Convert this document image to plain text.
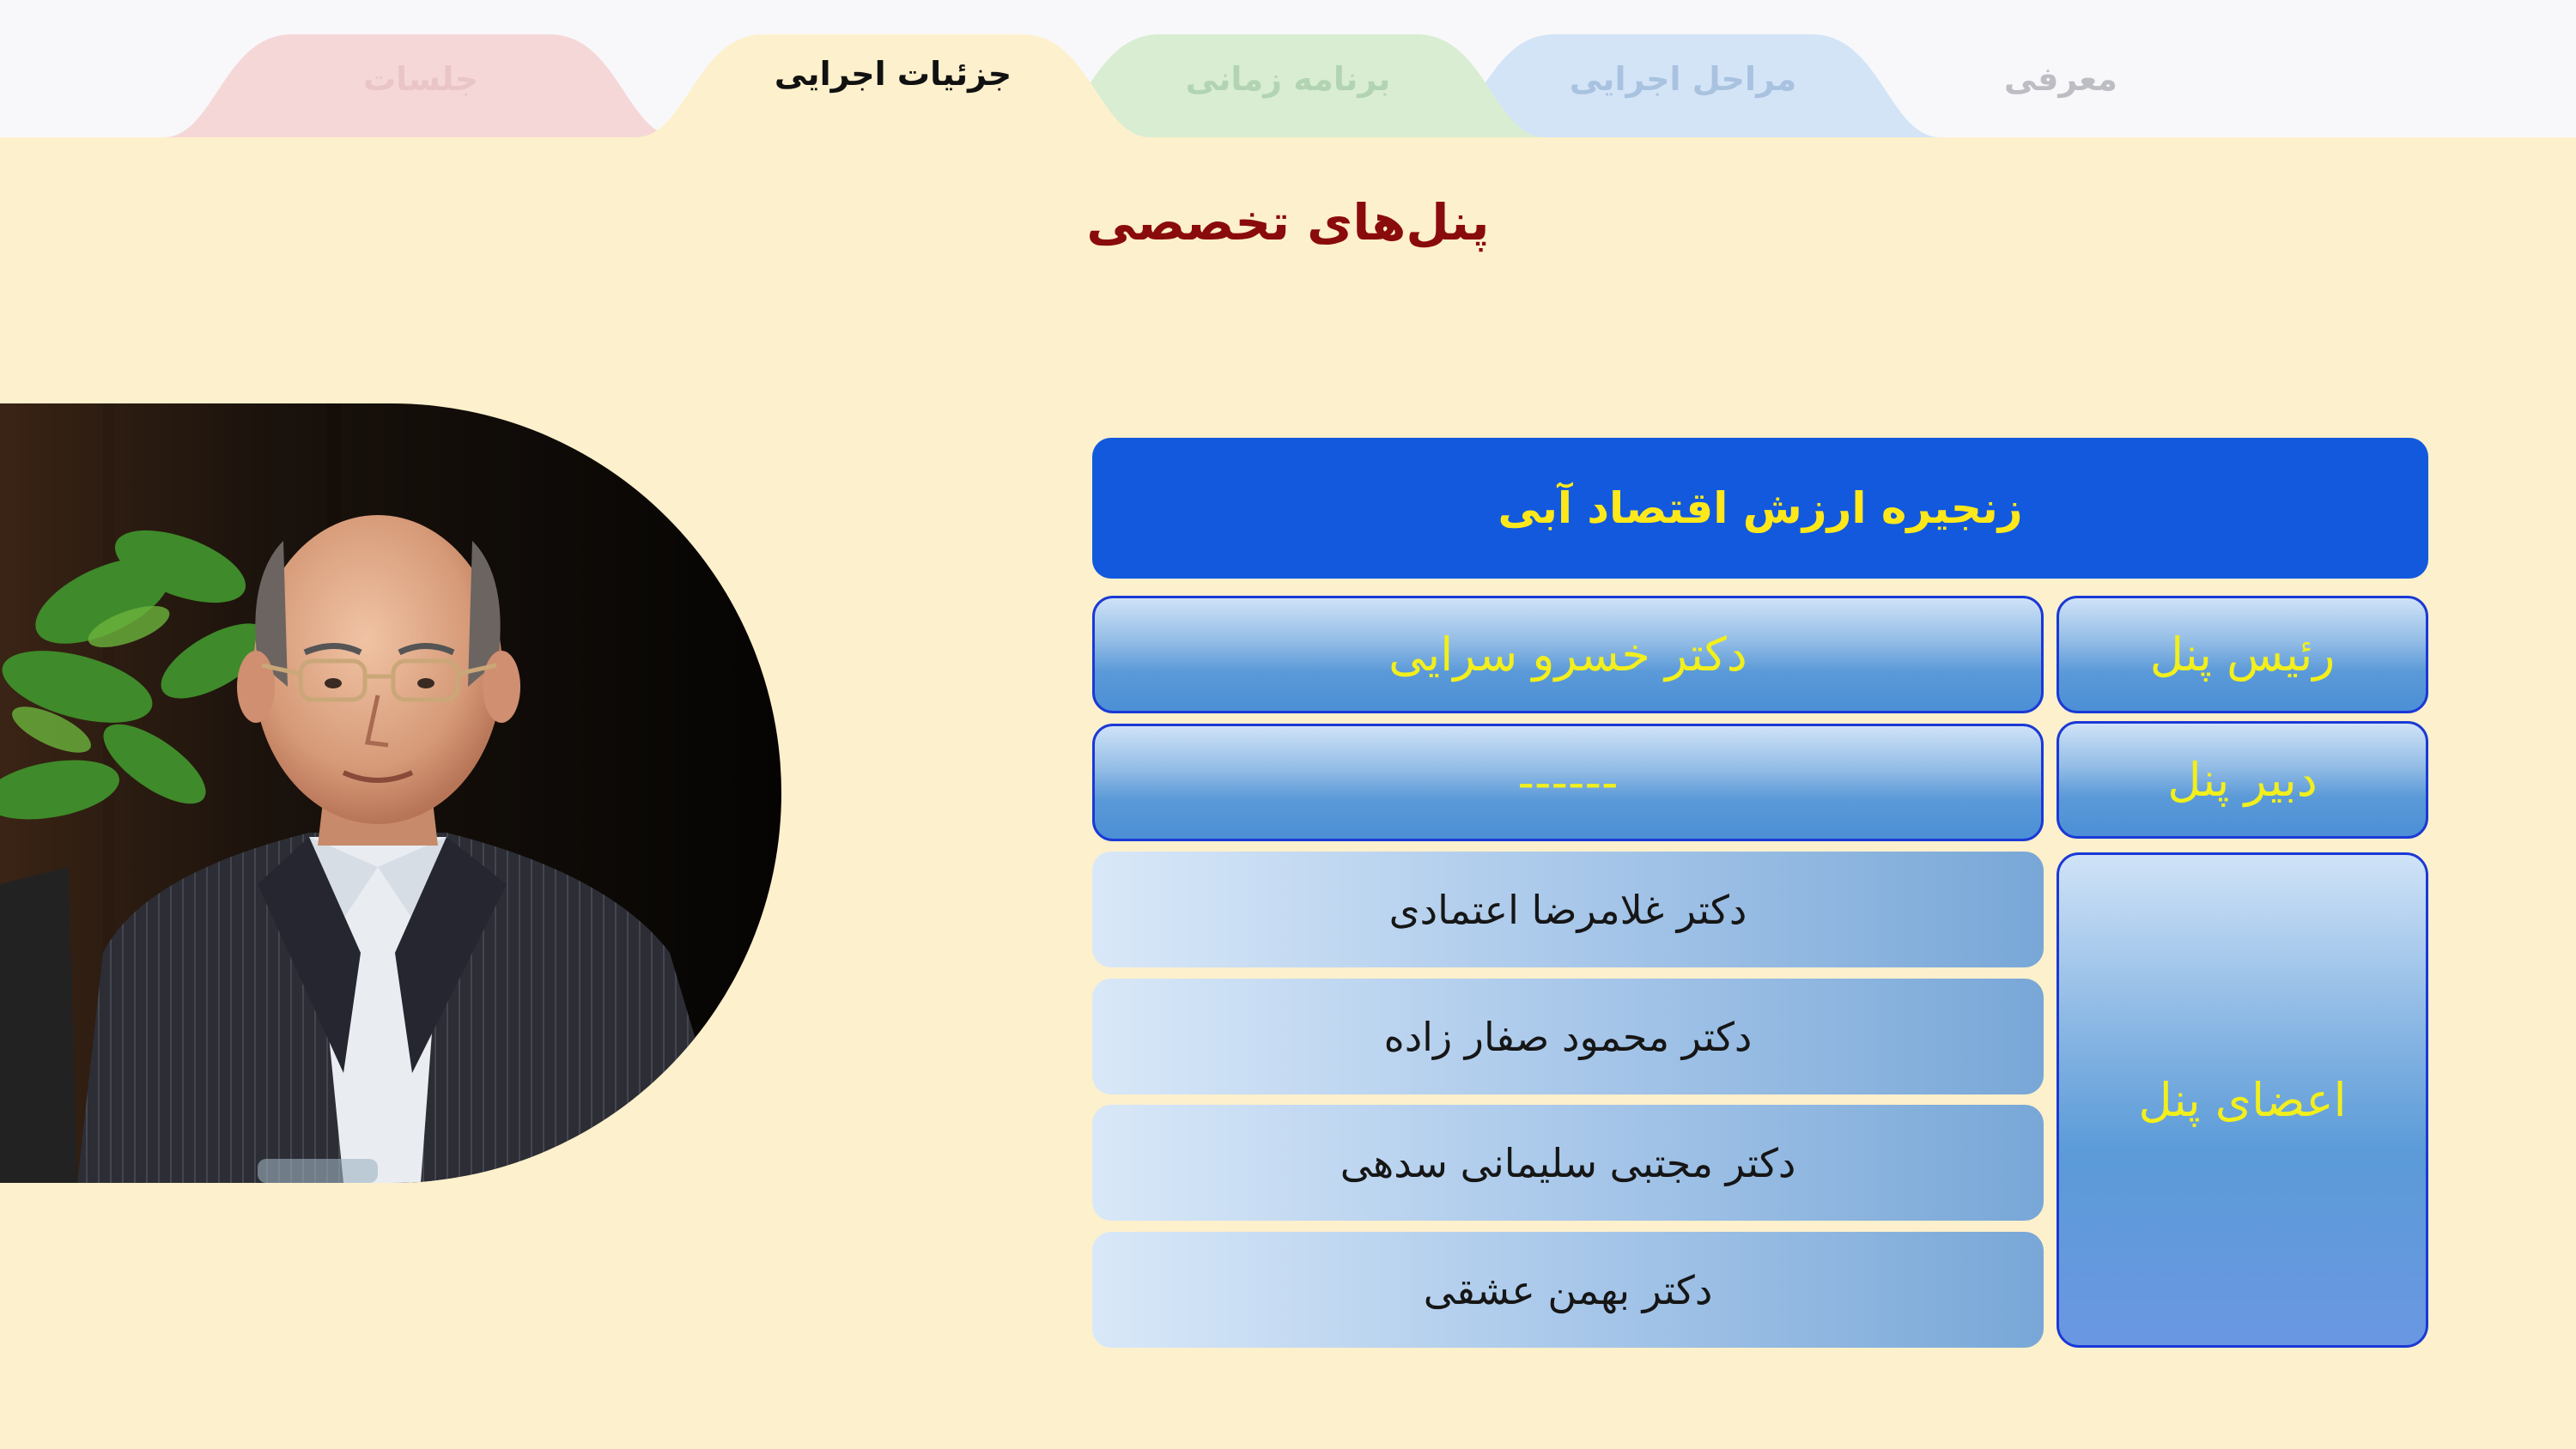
معرفی
مراحل اجرایی
برنامه زمانی
جلسات	جزئیات اجرایی
پنل‌های تخصصی
زنجیره ارزش اقتصاد آبی
رئیس پنل
دکتر خسرو سرایی
دبیر پنل
------
اعضای پنل
دکتر غلامرضا اعتمادی
دکتر محمود صفار زاده
دکتر مجتبی سلیمانی سدهی
دکتر بهمن عشقی
